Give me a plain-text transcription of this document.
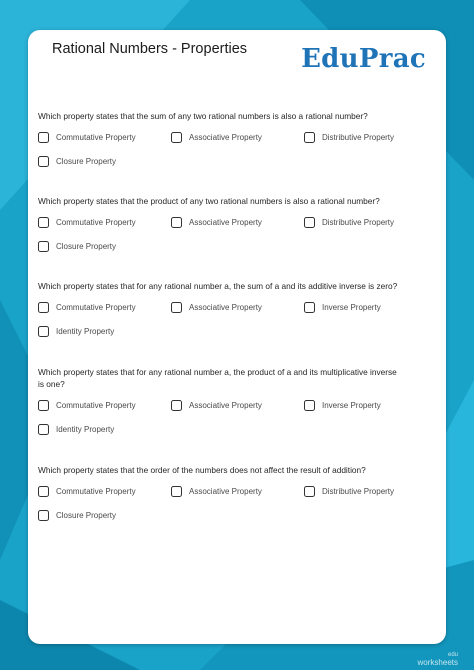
Rational Numbers - Properties EduPrac
Which property states that the sum of any two rational numbers is also a rational number?
Commutative Property	Associative Property	Distributive Property
Closure Property
Which property states that the product of any two rational numbers is also a rational number?
Commutative Property	Associative Property	Distributive Property
Closure Property
Which property states that for any rational number a, the sum of a and its additive inverse is zero?
Commutative Property	Associative Property	Inverse Property
Identity Property
Which property states that for any rational number a, the product of a and its multiplicative inverse is one?
Commutative Property	Associative Property	Inverse Property
Identity Property
Which property states that the order of the numbers does not affect the result of addition?
Commutative Property	Associative Property	Distributive Property
Closure Property
edu
worksheets
